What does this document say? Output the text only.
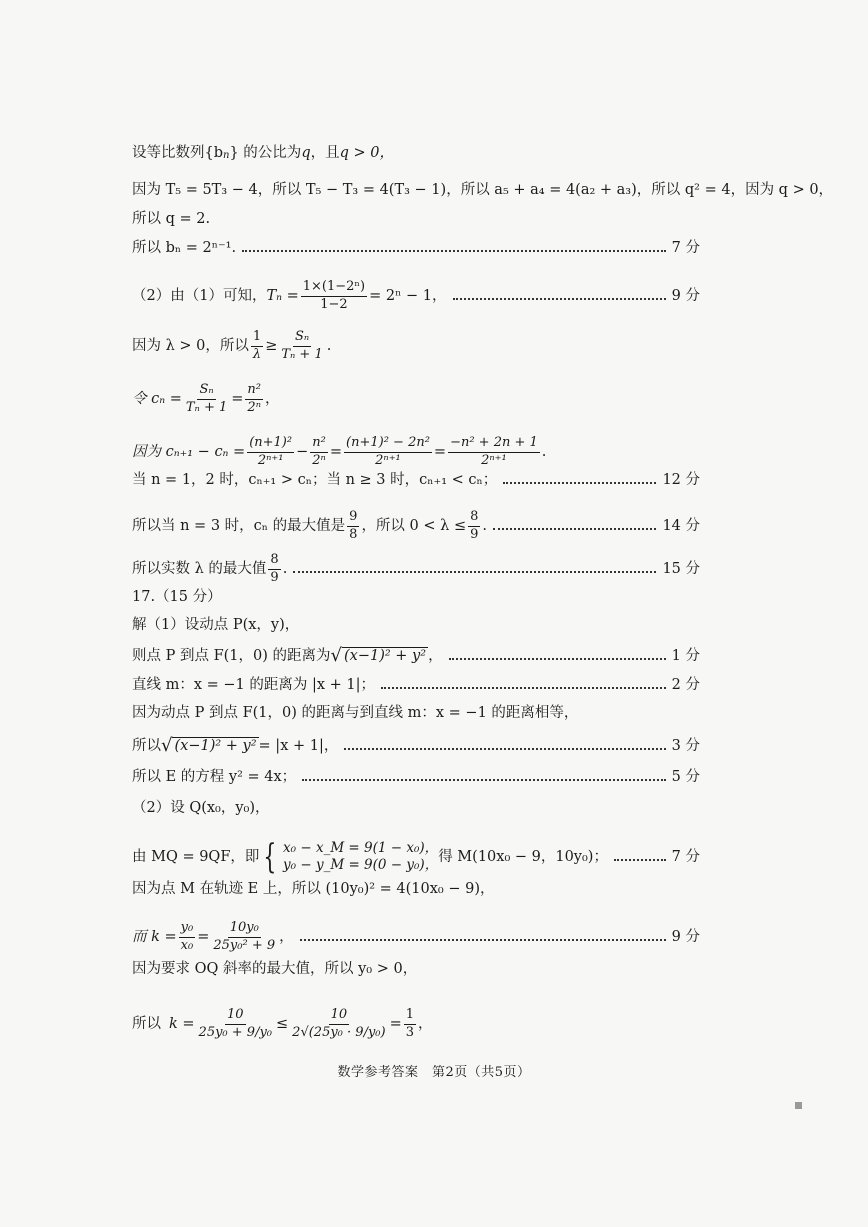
设等比数列{b n } 的公比为 q ，且 q > 0，
因为 T₅ = 5T₃ − 4，所以 T₅ − T₃ = 4(T₃ − 1)，所以 a₅ + a₄ = 4(a₂ + a₃)，所以 q² = 4，因为 q > 0，
所以 q = 2.
所以 bₙ = 2ⁿ⁻¹.	7 分
（2）由（1）可知， $T_n = \frac{\text{1×(1−2ⁿ)}}{1-2} = 2^n - 1$，	9 分
因为 λ > 0，所以 $\frac{1}{\lambda} \ge \frac{\text{Sₙ}}{\text{Tₙ + 1}}$ .
令 $c_n = \frac{\text{Sₙ}}{\text{Tₙ + 1}} = \frac{\text{n²}}{\text{2ⁿ}}$ ，
因为 $c_{n+1} - c_n = \frac{\text{(n+1)²}}{\text{2ⁿ⁺¹}} - \frac{\text{n²}}{\text{2ⁿ}} = \frac{\text{(n+1)² − 2n²}}{\text{2ⁿ⁺¹}} = \frac{\text{−n² + 2n + 1}}{\text{2ⁿ⁺¹}}$ .
当 n = 1，2 时，cₙ₊₁ > cₙ；当 n ≥ 3 时，cₙ₊₁ < cₙ；	12 分
所以当 n = 3 时，cₙ 的最大值是 $\frac{9}{8}$ ，所以 $0 < \lambda \le \frac{8}{9}$ .	14 分
所以实数 λ 的最大值 $\frac{8}{9}$ .	15 分
17.（15 分）
解（1）设动点 P(x，y)，
则点 P 到点 F(1，0) 的距离为 √ (x−1)² + y² ，	1 分
直线 m：x = −1 的距离为 |x + 1|；	2 分
因为动点 P 到点 F(1，0) 的距离与到直线 m：x = −1 的距离相等，
所以 √ (x−1)² + y² = |x + 1|，	3 分
所以 E 的方程 y² = 4x；	5 分
（2）设 Q(x₀，y₀)，
由 MQ = 9QF，即 { x₀ − x_M = 9(1 − x₀)，
y₀ − y_M = 9(0 − y₀)，
得 M(10x₀ − 9，10y₀)；	7 分
因为点 M 在轨迹 E 上，所以 (10y₀)² = 4(10x₀ − 9)，
而 $k = \frac{\text{y₀}}{\text{x₀}} = \frac{\text{10y₀}}{\text{25y₀² + 9}}$ ，	9 分
因为要求 OQ 斜率的最大值，所以 y₀ > 0，
所以 $k = \frac{10}{\text{25y₀ + 9/y₀}} \le \frac{10}{\text{2√(25y₀ · 9/y₀)}} = \frac{1}{3}$ ，
数学参考答案　第2页（共5页）
